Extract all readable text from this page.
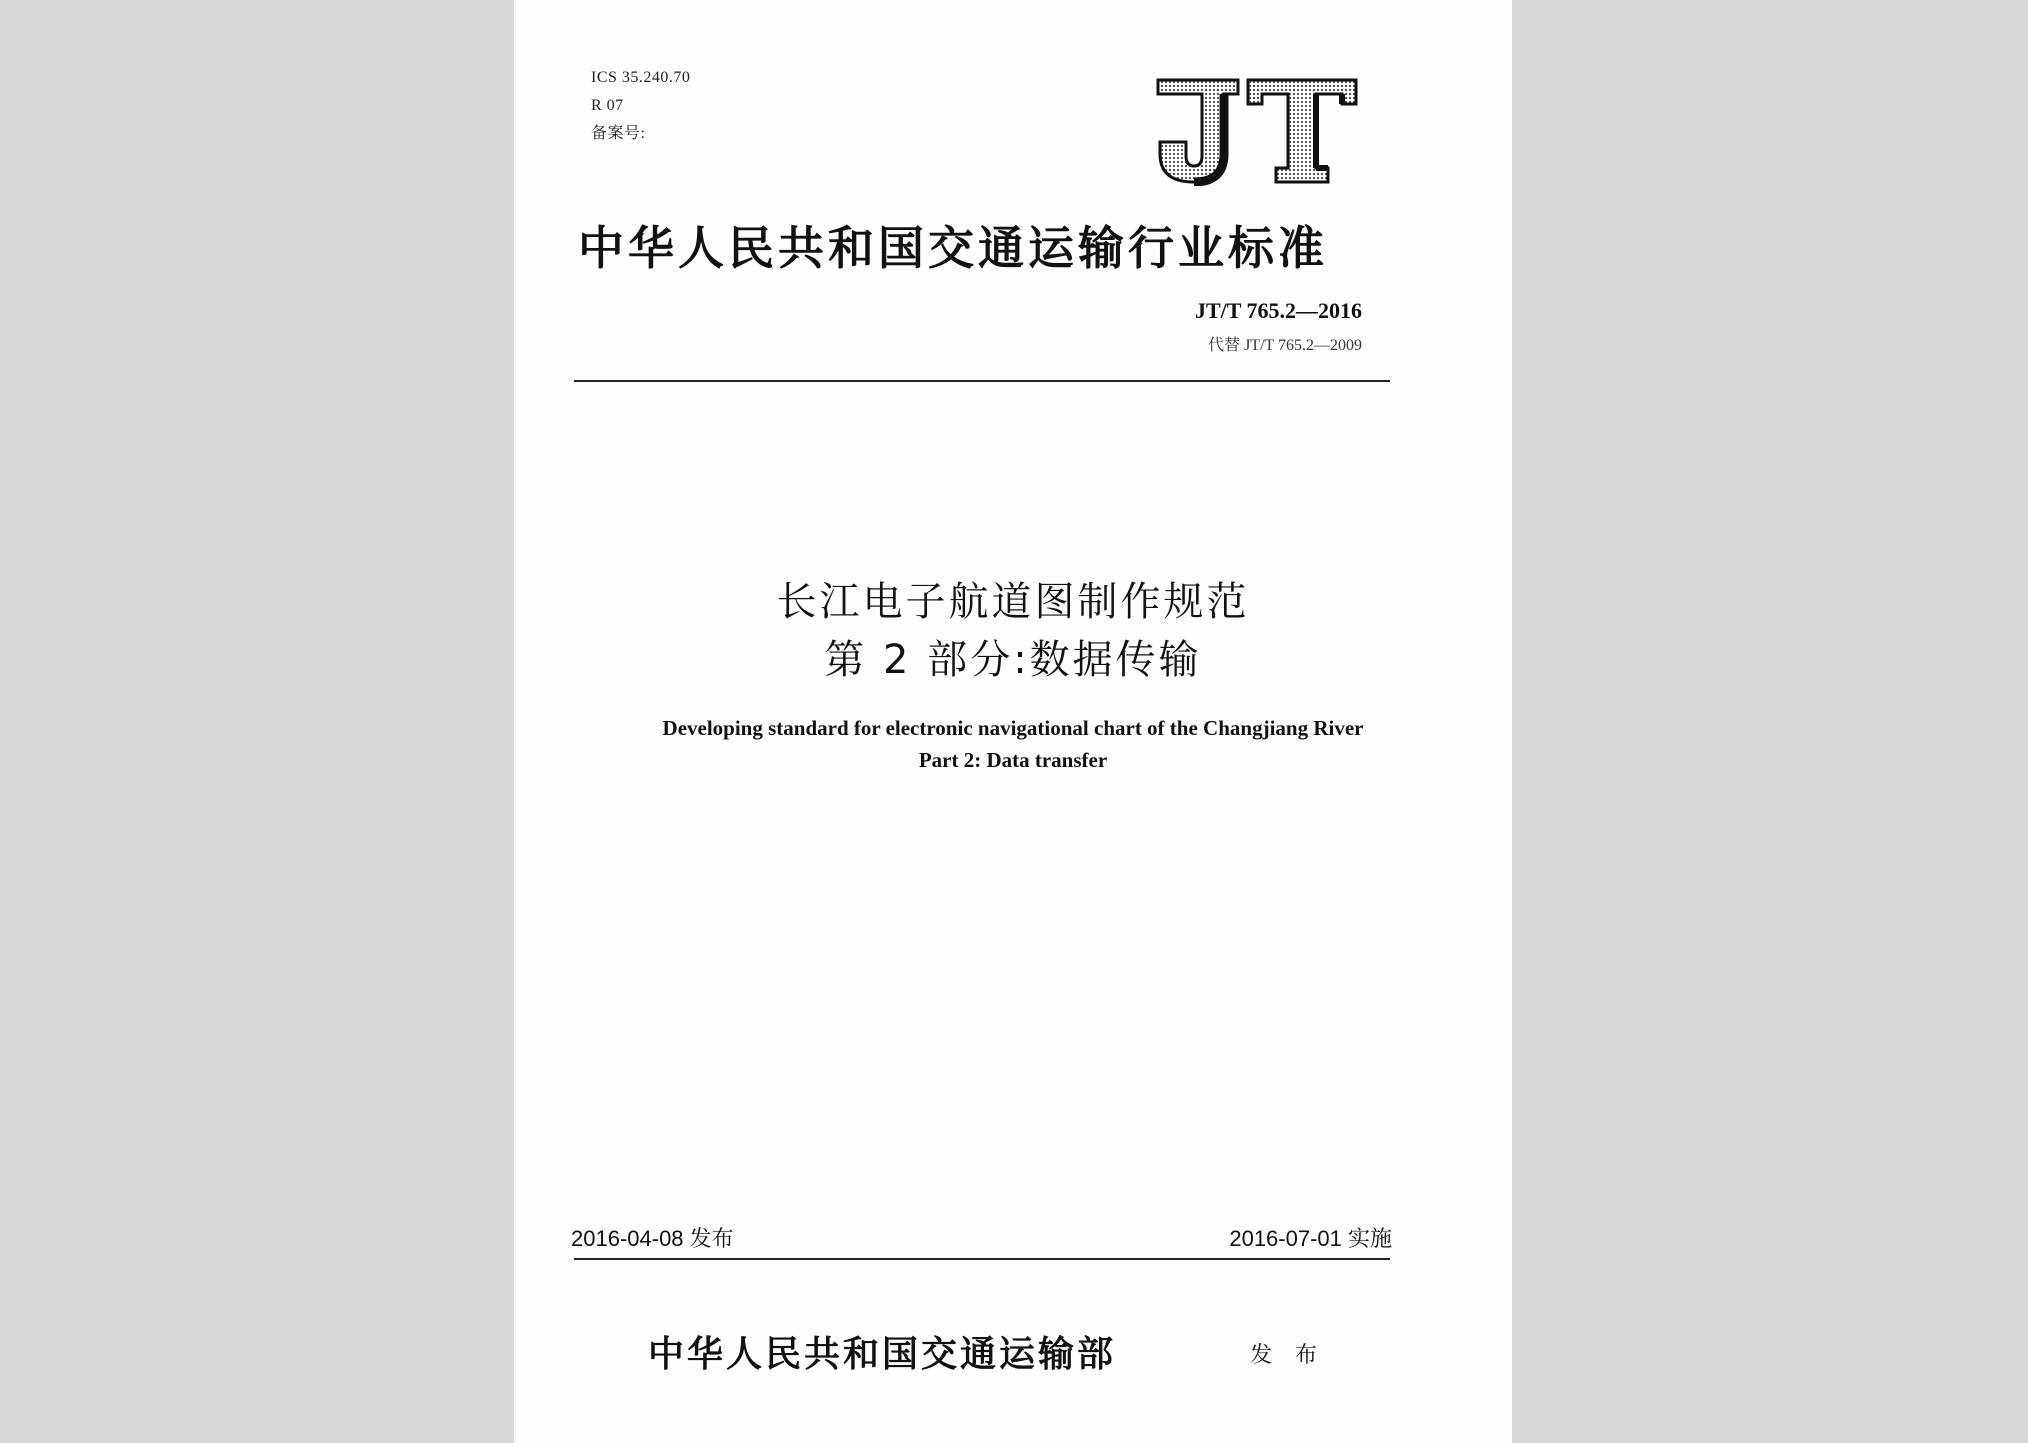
ICS 35.240.70
R 07
备案号:
中华人民共和国交通运输行业标准
JT/T 765.2—2016
代替 JT/T 765.2—2009
长江电子航道图制作规范
第 2 部分:数据传输
Developing standard for electronic navigational chart of the Changjiang River
Part 2: Data transfer
2016-04-08 发布	2016-07-01 实施
中华人民共和国交通运输部	发 布
